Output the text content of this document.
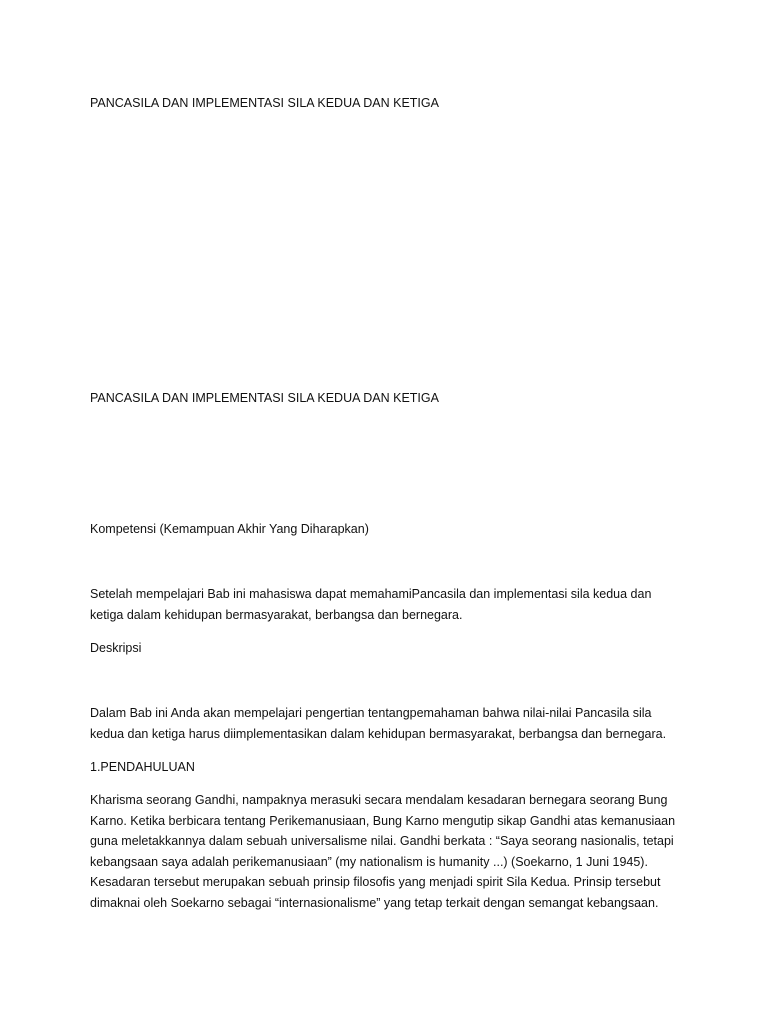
PANCASILA DAN IMPLEMENTASI SILA KEDUA DAN KETIGA

PANCASILA DAN IMPLEMENTASI SILA KEDUA DAN KETIGA

Kompetensi (Kemampuan Akhir Yang Diharapkan)

Setelah mempelajari Bab ini mahasiswa dapat memahamiPancasila dan implementasi sila kedua dan
ketiga dalam kehidupan bermasyarakat, berbangsa dan bernegara.

Deskripsi

Dalam Bab ini Anda akan mempelajari pengertian tentangpemahaman bahwa nilai-nilai Pancasila sila
kedua dan ketiga harus diimplementasikan dalam kehidupan bermasyarakat, berbangsa dan bernegara.

1.PENDAHULUAN

Kharisma seorang Gandhi, nampaknya merasuki secara mendalam kesadaran bernegara seorang Bung
Karno. Ketika berbicara tentang Perikemanusiaan, Bung Karno mengutip sikap Gandhi atas kemanusiaan
guna meletakkannya dalam sebuah universalisme nilai. Gandhi berkata : “Saya seorang nasionalis, tetapi
kebangsaan saya adalah perikemanusiaan” (my nationalism is humanity ...) (Soekarno, 1 Juni 1945).
Kesadaran tersebut merupakan sebuah prinsip filosofis yang menjadi spirit Sila Kedua. Prinsip tersebut
dimaknai oleh Soekarno sebagai “internasionalisme” yang tetap terkait dengan semangat kebangsaan.
